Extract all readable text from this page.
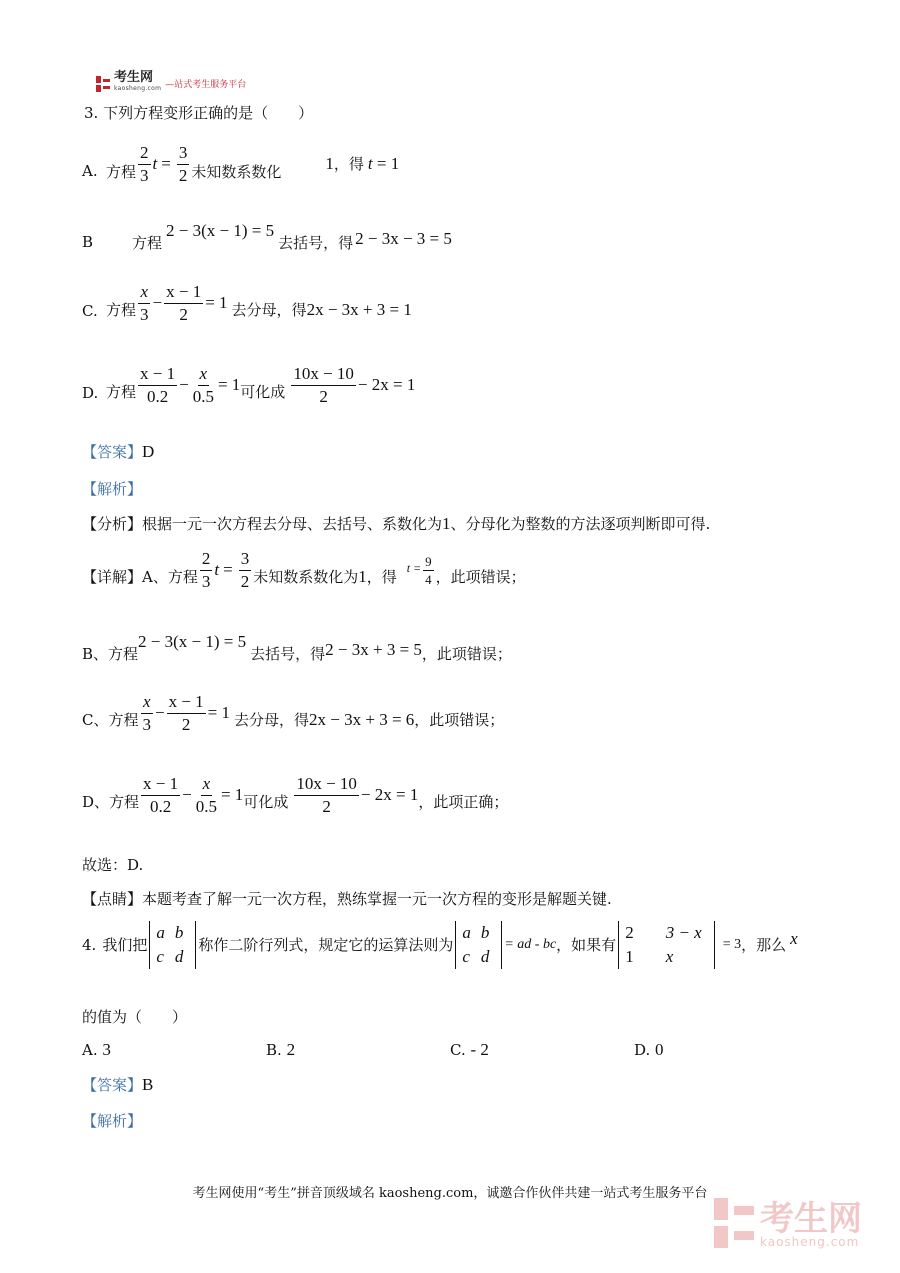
考生网
kaosheng.com —站式考生服务平台
3. 下列方程变形正确的是（　　）
A. 方程 $\frac{2}{3}$ $t = \frac{3}{2}$ 未知数系数化	1 ，得 t = 1
B	方程
2 − 3(x − 1) = 5
去括号，得 2 − 3x − 3 = 5
C. 方程 $\frac{x}{3} - \frac{x - 1}{2} = 1$ 去分母，得 2x − 3x + 3 = 1
D. 方程 $\frac{x - 1}{0.2} - \frac{x}{0.5} = 1$ 可化成 $\frac{10x - 10}{2} - 2x = 1$
【答案】D
【解析】
【分析】根据一元一次方程去分母、去括号、系数化为1、分母化为整数的方法逐项判断即可得.
【详解】 A、方程 $\frac{2}{3}$ $t = \frac{3}{2}$ 未知数系数化为 1 ，得 $t = \frac{9}{4}$ ，此项错误；
B、方程
2 − 3(x − 1) = 5
去括号，得 2 − 3x + 3 = 5 ，此项错误；
C、方程 $\frac{x}{3} - \frac{x - 1}{2} = 1$ 去分母，得 2x − 3x + 3 = 6 ，此项错误；
D、方程 $\frac{x - 1}{0.2} - \frac{x}{0.5} = 1$ 可化成 $\frac{10x - 10}{2} - 2x = 1$ ，此项正确；
故选：D.
【点睛】本题考查了解一元一次方程，熟练掌握一元一次方程的变形是解题关键.
4. 我们把
a	b
c	d
称作二阶行列式，规定它的运算法则为
a	b
c	d
= ad - bc ，如果有
2	3 − x
1	x
= 3 ，那么 x
的值为（　　）
A. 3	B. 2	C. - 2	D. 0
【答案】B
【解析】
考生网使用“考生”拼音顶级域名 kaosheng.com，诚邀合作伙伴共建一站式考生服务平台
考生网
kaosheng.com
